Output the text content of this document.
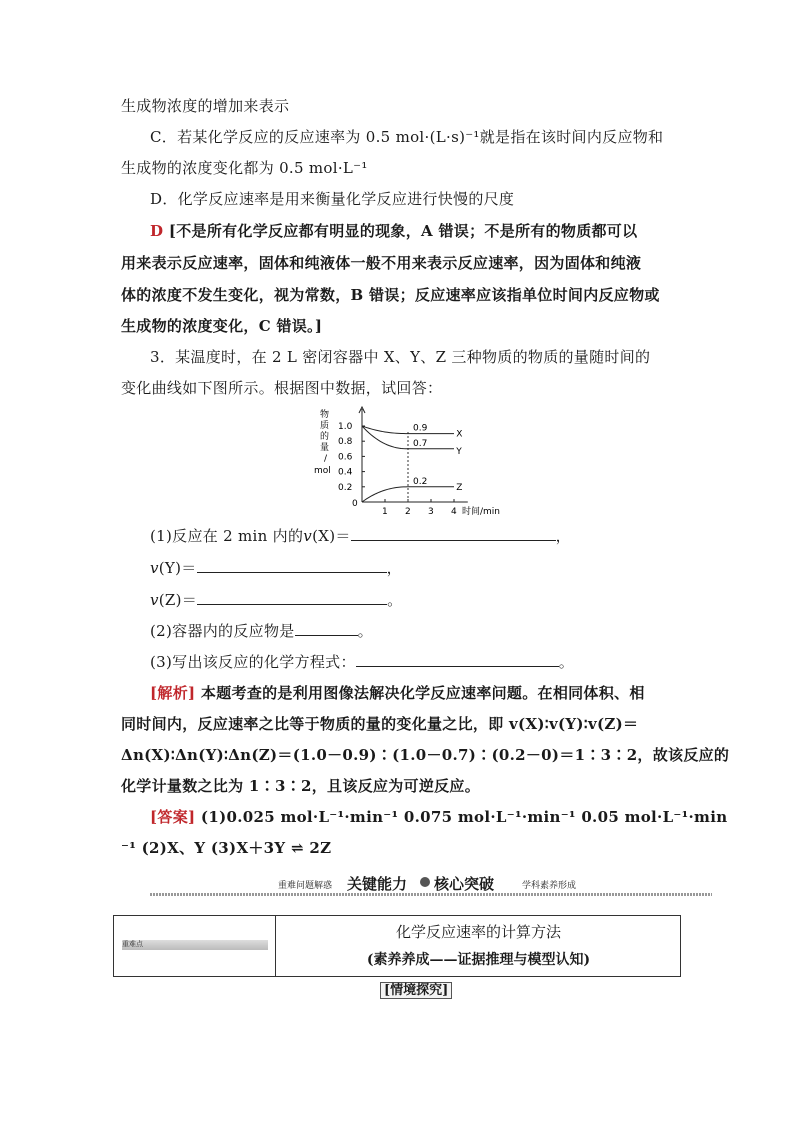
生成物浓度的增加来表示
C．若某化学反应的反应速率为 0.5 mol·(L·s)⁻¹就是指在该时间内反应物和
生成物的浓度变化都为 0.5 mol·L⁻¹
D．化学反应速率是用来衡量化学反应进行快慢的尺度
D [不是所有化学反应都有明显的现象，A 错误；不是所有的物质都可以
用来表示反应速率，固体和纯液体一般不用来表示反应速率，因为固体和纯液
体的浓度不发生变化，视为常数，B 错误；反应速率应该指单位时间内反应物或
生成物的浓度变化，C 错误。]
3．某温度时，在 2 L 密闭容器中 X、Y、Z 三种物质的物质的量随时间的
变化曲线如下图所示。根据图中数据，试回答：
物
质
的
量
/
mol
0
0.2
0.4
0.6
0.8
1.0
1 2 3 4 时间/min
0.9
X
0.7
Y
0.2
Z
(1)反应在 2 min 内的v(X)＝	，
v(Y)＝	，
v(Z)＝	。
(2)容器内的反应物是	。
(3)写出该反应的化学方程式：	。
[解析] 本题考查的是利用图像法解决化学反应速率问题。在相同体积、相
同时间内，反应速率之比等于物质的量的变化量之比，即 v(X)∶v(Y)∶v(Z)＝
Δn(X)∶Δn(Y)∶Δn(Z)＝(1.0－0.9)∶(1.0－0.7)∶(0.2－0)＝1∶3∶2，故该反应的
化学计量数之比为 1∶3∶2，且该反应为可逆反应。
[答案] (1)0.025 mol·L⁻¹·min⁻¹ 0.075 mol·L⁻¹·min⁻¹ 0.05 mol·L⁻¹·min
⁻¹ (2)X、Y (3)X＋3Y ⇌ 2Z
重难问题解惑 关键能力 核心突破	学科素养形成
重难点
化学反应速率的计算方法
(素养养成——证据推理与模型认知)
[情境探究]
